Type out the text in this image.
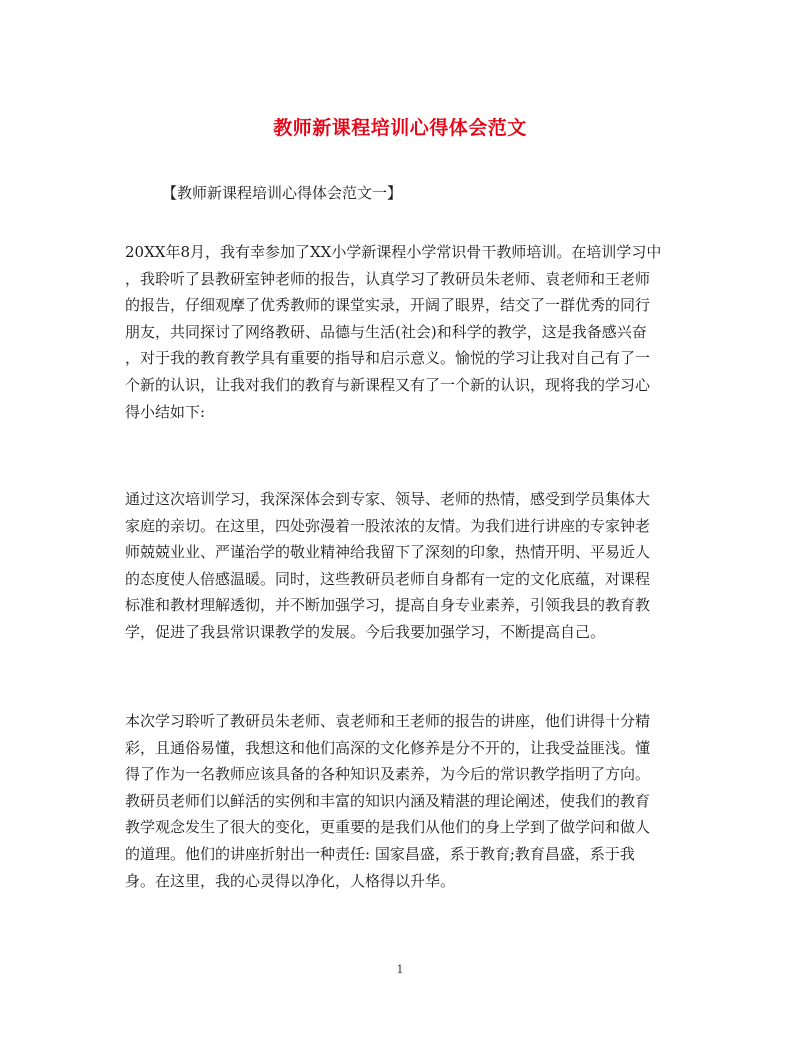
教师新课程培训心得体会范文
【教师新课程培训心得体会范文一】
20XX年8月，我有幸参加了XX小学新课程小学常识骨干教师培训。在培训学习中
，我聆听了县教研室钟老师的报告，认真学习了教研员朱老师、袁老师和王老师
的报告，仔细观摩了优秀教师的课堂实录，开阔了眼界，结交了一群优秀的同行
朋友，共同探讨了网络教研、品德与生活(社会)和科学的教学，这是我备感兴奋
，对于我的教育教学具有重要的指导和启示意义。愉悦的学习让我对自己有了一
个新的认识，让我对我们的教育与新课程又有了一个新的认识，现将我的学习心
得小结如下:
通过这次培训学习，我深深体会到专家、领导、老师的热情，感受到学员集体大
家庭的亲切。在这里，四处弥漫着一股浓浓的友情。为我们进行讲座的专家钟老
师兢兢业业、严谨治学的敬业精神给我留下了深刻的印象，热情开明、平易近人
的态度使人倍感温暖。同时，这些教研员老师自身都有一定的文化底蕴，对课程
标准和教材理解透彻，并不断加强学习，提高自身专业素养，引领我县的教育教
学，促进了我县常识课教学的发展。今后我要加强学习，不断提高自己。
本次学习聆听了教研员朱老师、袁老师和王老师的报告的讲座，他们讲得十分精
彩，且通俗易懂，我想这和他们高深的文化修养是分不开的，让我受益匪浅。懂
得了作为一名教师应该具备的各种知识及素养，为今后的常识教学指明了方向。
教研员老师们以鲜活的实例和丰富的知识内涵及精湛的理论阐述，使我们的教育
教学观念发生了很大的变化，更重要的是我们从他们的身上学到了做学问和做人
的道理。他们的讲座折射出一种责任: 国家昌盛，系于教育;教育昌盛，系于我
身。在这里，我的心灵得以净化，人格得以升华。
1
